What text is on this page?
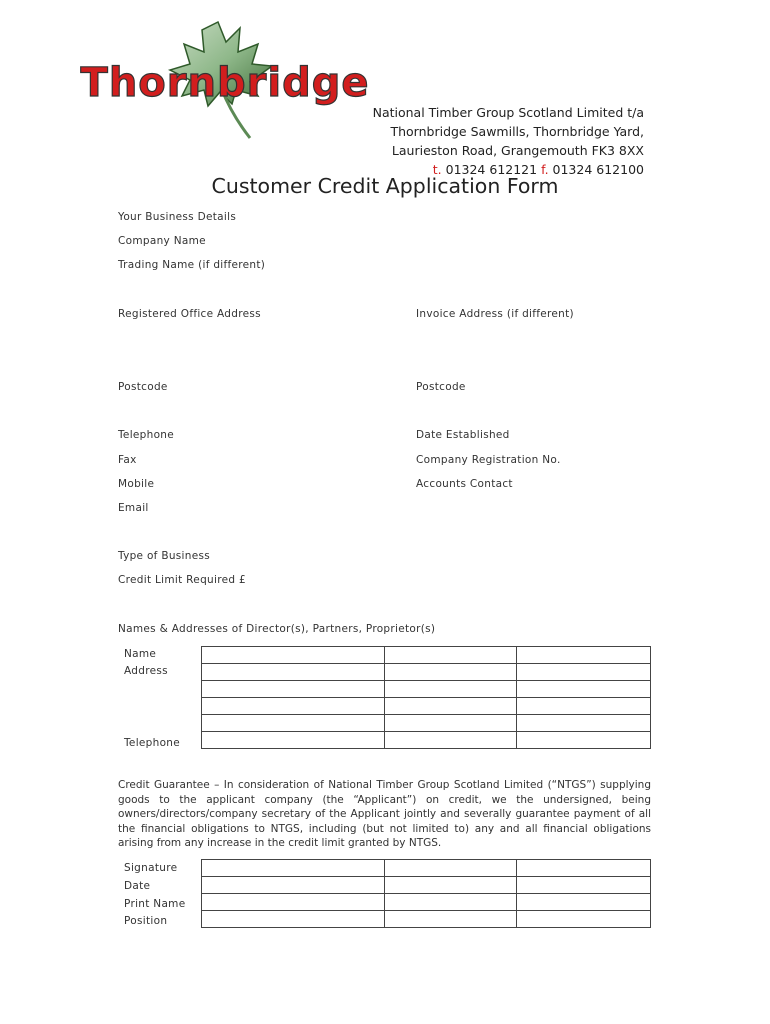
Thornbridge
National Timber Group Scotland Limited t/a
Thornbridge Sawmills, Thornbridge Yard,
Laurieston Road, Grangemouth FK3 8XX
t. 01324 612121 f. 01324 612100
Customer Credit Application Form
Your Business Details
Company Name
Trading Name (if different)
Registered Office Address	Invoice Address (if different)
Postcode	Postcode
Telephone	Date Established
Fax	Company Registration No.
Mobile	Accounts Contact
Email
Type of Business
Credit Limit Required £
Names & Addresses of Director(s), Partners, Proprietor(s)
Name
Address
Telephone

Credit Guarantee – In consideration of National Timber Group Scotland Limited (“NTGS”) supplying goods to the applicant company (the “Applicant”) on credit, we the undersigned, being owners/directors/company secretary of the Applicant jointly and severally guarantee payment of all the financial obligations to NTGS, including (but not limited to) any and all financial obligations arising from any increase in the credit limit granted by NTGS.
Signature
Date
Print Name
Position
